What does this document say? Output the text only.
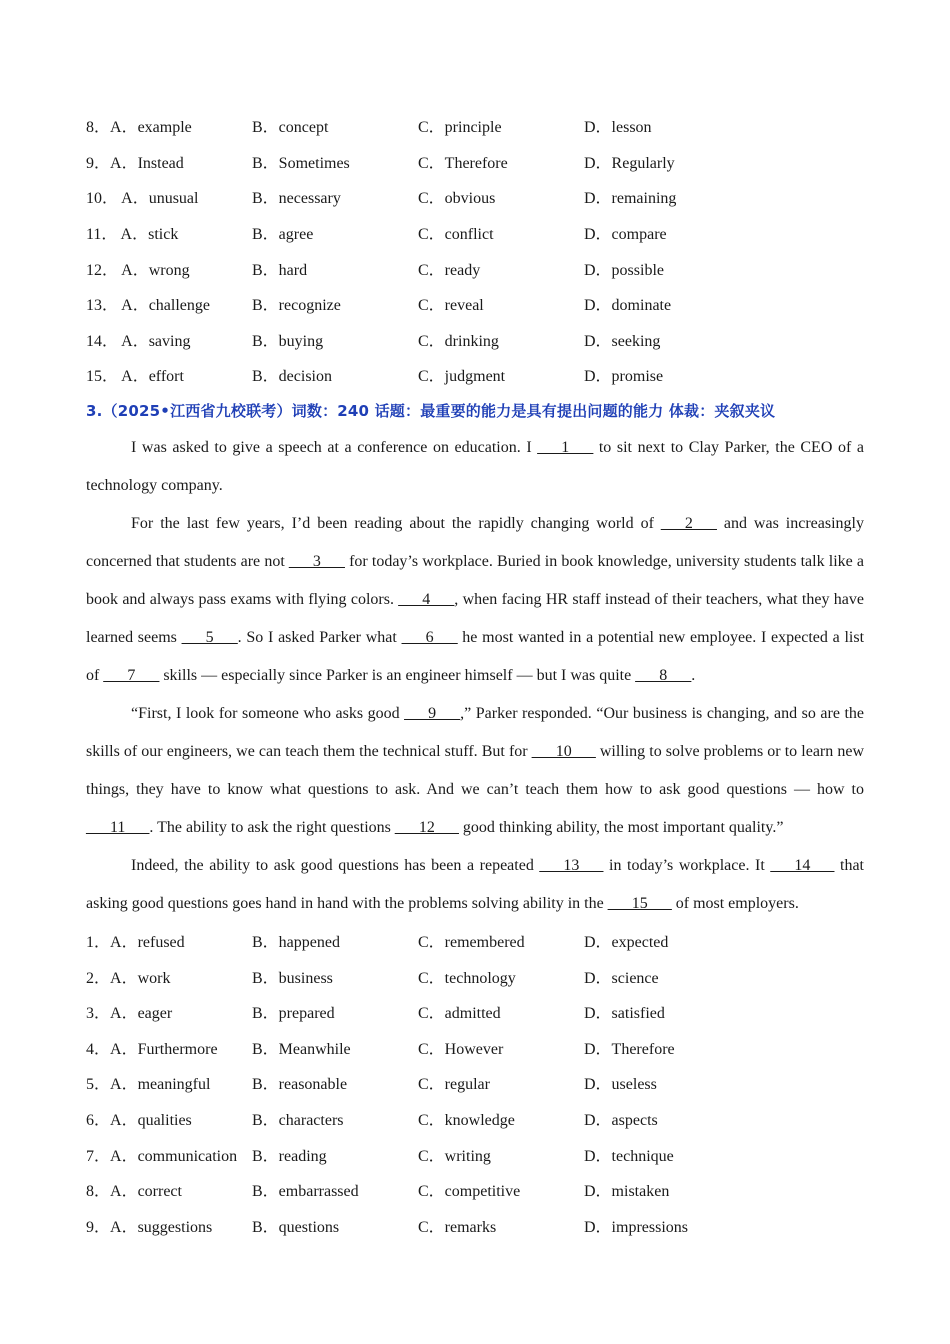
8．A．example	B．concept	C．principle	D．lesson
9．A．Instead	B．Sometimes	C．Therefore	D．Regularly
10． A．unusual	B．necessary	C．obvious	D．remaining
11． A．stick	B．agree	C．conflict	D．compare
12． A．wrong	B．hard	C．ready	D．possible
13． A．challenge	B．recognize	C．reveal	D．dominate
14． A．saving	B．buying	C．drinking	D．seeking
15． A．effort	B．decision	C．judgment	D．promise
3.（2025•江西省九校联考）词数：240 话题：最重要的能力是具有提出问题的能力 体裁：夹叙夹议

I was asked to give a speech at a conference on education. I ___1___ to sit next to Clay Parker, the CEO of a technology company.

For the last few years, I’d been reading about the rapidly changing world of ___2___ and was increasingly concerned that students are not ___3___ for today’s workplace. Buried in book knowledge, university students talk like a book and always pass exams with flying colors. ___4___, when facing HR staff instead of their teachers, what they have learned seems ___5___. So I asked Parker what ___6___ he most wanted in a potential new employee. I expected a list of ___7___ skills — especially since Parker is an engineer himself — but I was quite ___8___.

“First, I look for someone who asks good ___9___,” Parker responded. “Our business is changing, and so are the skills of our engineers, we can teach them the technical stuff. But for ___10___ willing to solve problems or to learn new things, they have to know what questions to ask. And we can’t teach them how to ask good questions — how to ___11___. The ability to ask the right questions ___12___ good thinking ability, the most important quality.”

Indeed, the ability to ask good questions has been a repeated ___13___ in today’s workplace. It ___14___ that asking good questions goes hand in hand with the problems solving ability in the ___15___ of most employers.

1．A．refused	B．happened	C．remembered	D．expected
2．A．work	B．business	C．technology	D．science
3．A．eager	B．prepared	C．admitted	D．satisfied
4．A．Furthermore	B．Meanwhile	C．However	D．Therefore
5．A．meaningful	B．reasonable	C．regular	D．useless
6．A．qualities	B．characters	C．knowledge	D．aspects
7．A．communication B．reading	C．writing	D．technique
8．A．correct	B．embarrassed	C．competitive	D．mistaken
9．A．suggestions	B．questions	C．remarks	D．impressions
